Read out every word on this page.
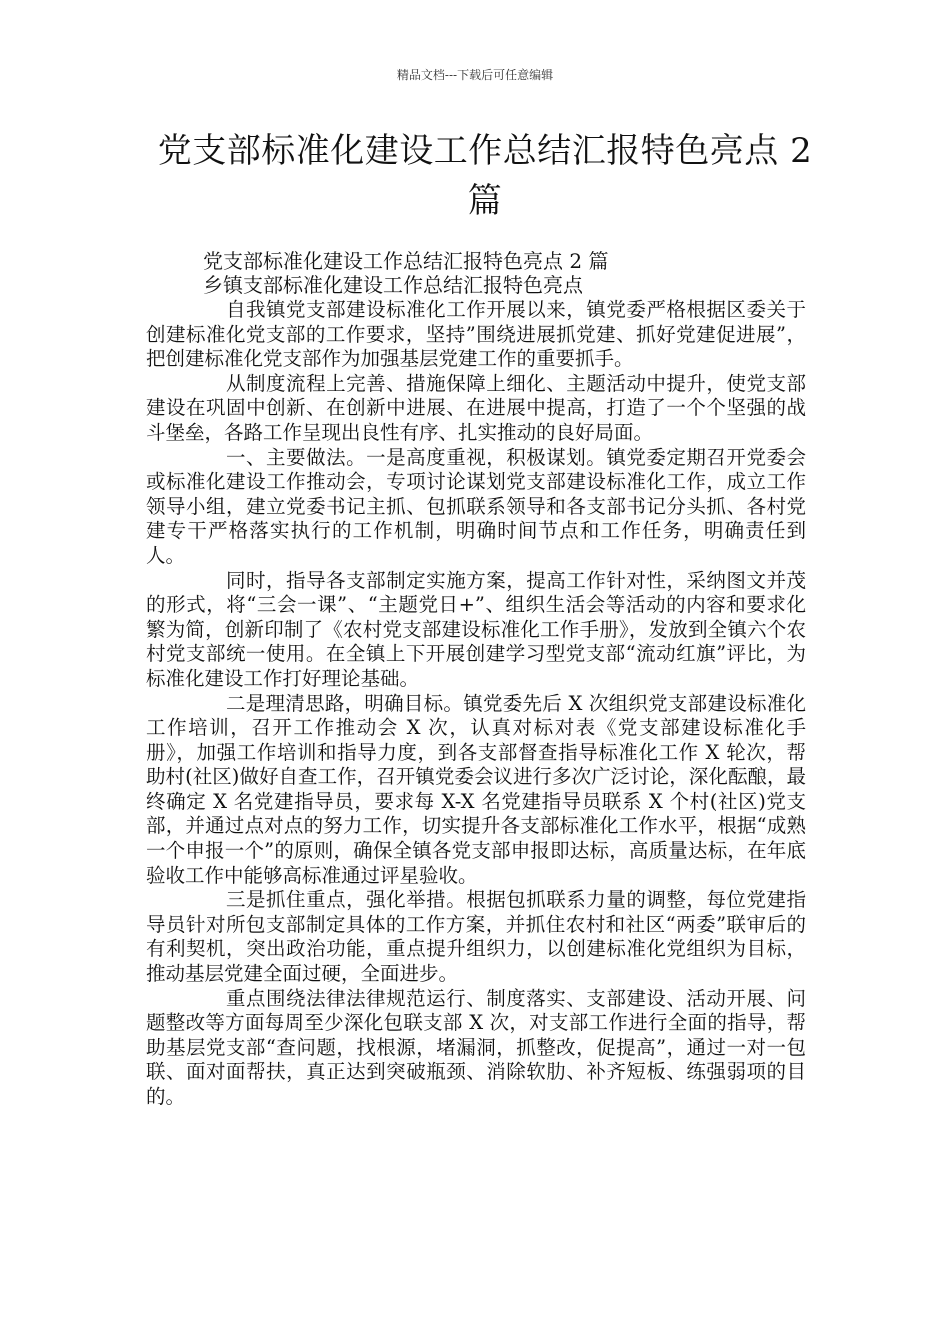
精品文档---下载后可任意编辑
党支部标准化建设工作总结汇报特色亮点 2 篇

党支部标准化建设工作总结汇报特色亮点 2 篇

乡镇支部标准化建设工作总结汇报特色亮点

自我镇党支部建设标准化工作开展以来，镇党委严格根据区委关于创建标准化党支部的工作要求，坚持”围绕进展抓党建、抓好党建促进展”，把创建标准化党支部作为加强基层党建工作的重要抓手。

从制度流程上完善、措施保障上细化、主题活动中提升，使党支部建设在巩固中创新、在创新中进展、在进展中提高，打造了一个个坚强的战斗堡垒，各路工作呈现出良性有序、扎实推动的良好局面。

一、主要做法。一是高度重视，积极谋划。镇党委定期召开党委会或标准化建设工作推动会，专项讨论谋划党支部建设标准化工作，成立工作领导小组，建立党委书记主抓、包抓联系领导和各支部书记分头抓、各村党建专干严格落实执行的工作机制，明确时间节点和工作任务，明确责任到人。

同时，指导各支部制定实施方案，提高工作针对性，采纳图文并茂的形式，将“三会一课”、“主题党日+”、组织生活会等活动的内容和要求化繁为简，创新印制了《农村党支部建设标准化工作手册》，发放到全镇六个农村党支部统一使用。在全镇上下开展创建学习型党支部“流动红旗”评比，为标准化建设工作打好理论基础。

二是理清思路，明确目标。镇党委先后 X 次组织党支部建设标准化工作培训，召开工作推动会 X 次，认真对标对表《党支部建设标准化手册》，加强工作培训和指导力度，到各支部督查指导标准化工作 X 轮次，帮助村(社区)做好自查工作，召开镇党委会议进行多次广泛讨论，深化酝酿，最终确定 X 名党建指导员，要求每 X-X 名党建指导员联系 X 个村(社区)党支部，并通过点对点的努力工作，切实提升各支部标准化工作水平，根据“成熟一个申报一个”的原则，确保全镇各党支部申报即达标，高质量达标，在年底验收工作中能够高标准通过评星验收。

三是抓住重点，强化举措。根据包抓联系力量的调整，每位党建指导员针对所包支部制定具体的工作方案，并抓住农村和社区“两委”联审后的有利契机，突出政治功能，重点提升组织力，以创建标准化党组织为目标，推动基层党建全面过硬，全面进步。

重点围绕法律法律规范运行、制度落实、支部建设、活动开展、问题整改等方面每周至少深化包联支部 X 次，对支部工作进行全面的指导，帮助基层党支部“查问题，找根源，堵漏洞，抓整改，促提高”，通过一对一包联、面对面帮扶，真正达到突破瓶颈、消除软肋、补齐短板、练强弱项的目的。
